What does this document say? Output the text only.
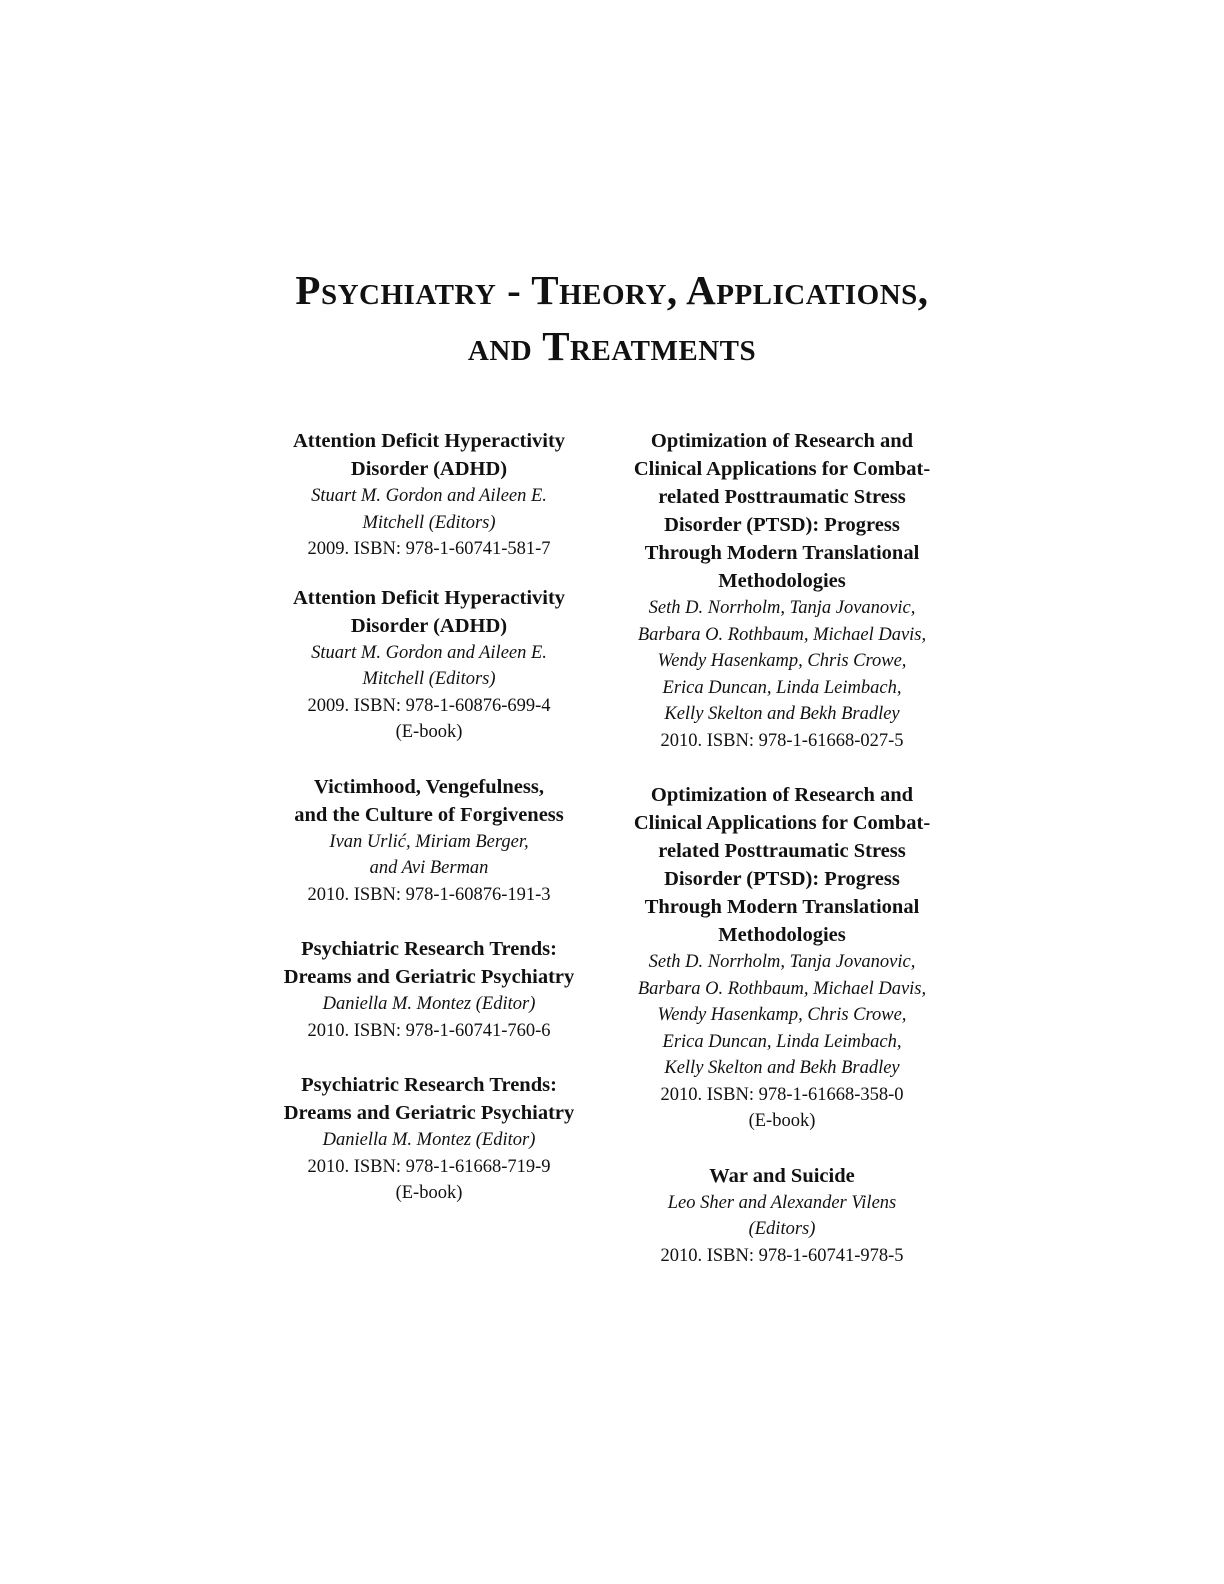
Psychiatry - Theory, Applications,
and Treatments

Attention Deficit Hyperactivity
Disorder (ADHD)

Stuart M. Gordon and Aileen E.
Mitchell (Editors)

2009. ISBN: 978-1-60741-581-7

Attention Deficit Hyperactivity
Disorder (ADHD)

Stuart M. Gordon and Aileen E.
Mitchell (Editors)

2009. ISBN: 978-1-60876-699-4

(E-book)

Victimhood, Vengefulness,
and the Culture of Forgiveness

Ivan Urlić, Miriam Berger,
and Avi Berman

2010. ISBN: 978-1-60876-191-3

Psychiatric Research Trends:
Dreams and Geriatric Psychiatry

Daniella M. Montez (Editor)

2010. ISBN: 978-1-60741-760-6

Psychiatric Research Trends:
Dreams and Geriatric Psychiatry

Daniella M. Montez (Editor)

2010. ISBN: 978-1-61668-719-9

(E-book)

Optimization of Research and
Clinical Applications for Combat-
related Posttraumatic Stress
Disorder (PTSD): Progress
Through Modern Translational
Methodologies

Seth D. Norrholm, Tanja Jovanovic,
Barbara O. Rothbaum, Michael Davis,
Wendy Hasenkamp, Chris Crowe,
Erica Duncan, Linda Leimbach,
Kelly Skelton and Bekh Bradley

2010. ISBN: 978-1-61668-027-5

Optimization of Research and
Clinical Applications for Combat-
related Posttraumatic Stress
Disorder (PTSD): Progress
Through Modern Translational
Methodologies

Seth D. Norrholm, Tanja Jovanovic,
Barbara O. Rothbaum, Michael Davis,
Wendy Hasenkamp, Chris Crowe,
Erica Duncan, Linda Leimbach,
Kelly Skelton and Bekh Bradley

2010. ISBN: 978-1-61668-358-0

(E-book)

War and Suicide

Leo Sher and Alexander Vilens
(Editors)

2010. ISBN: 978-1-60741-978-5
